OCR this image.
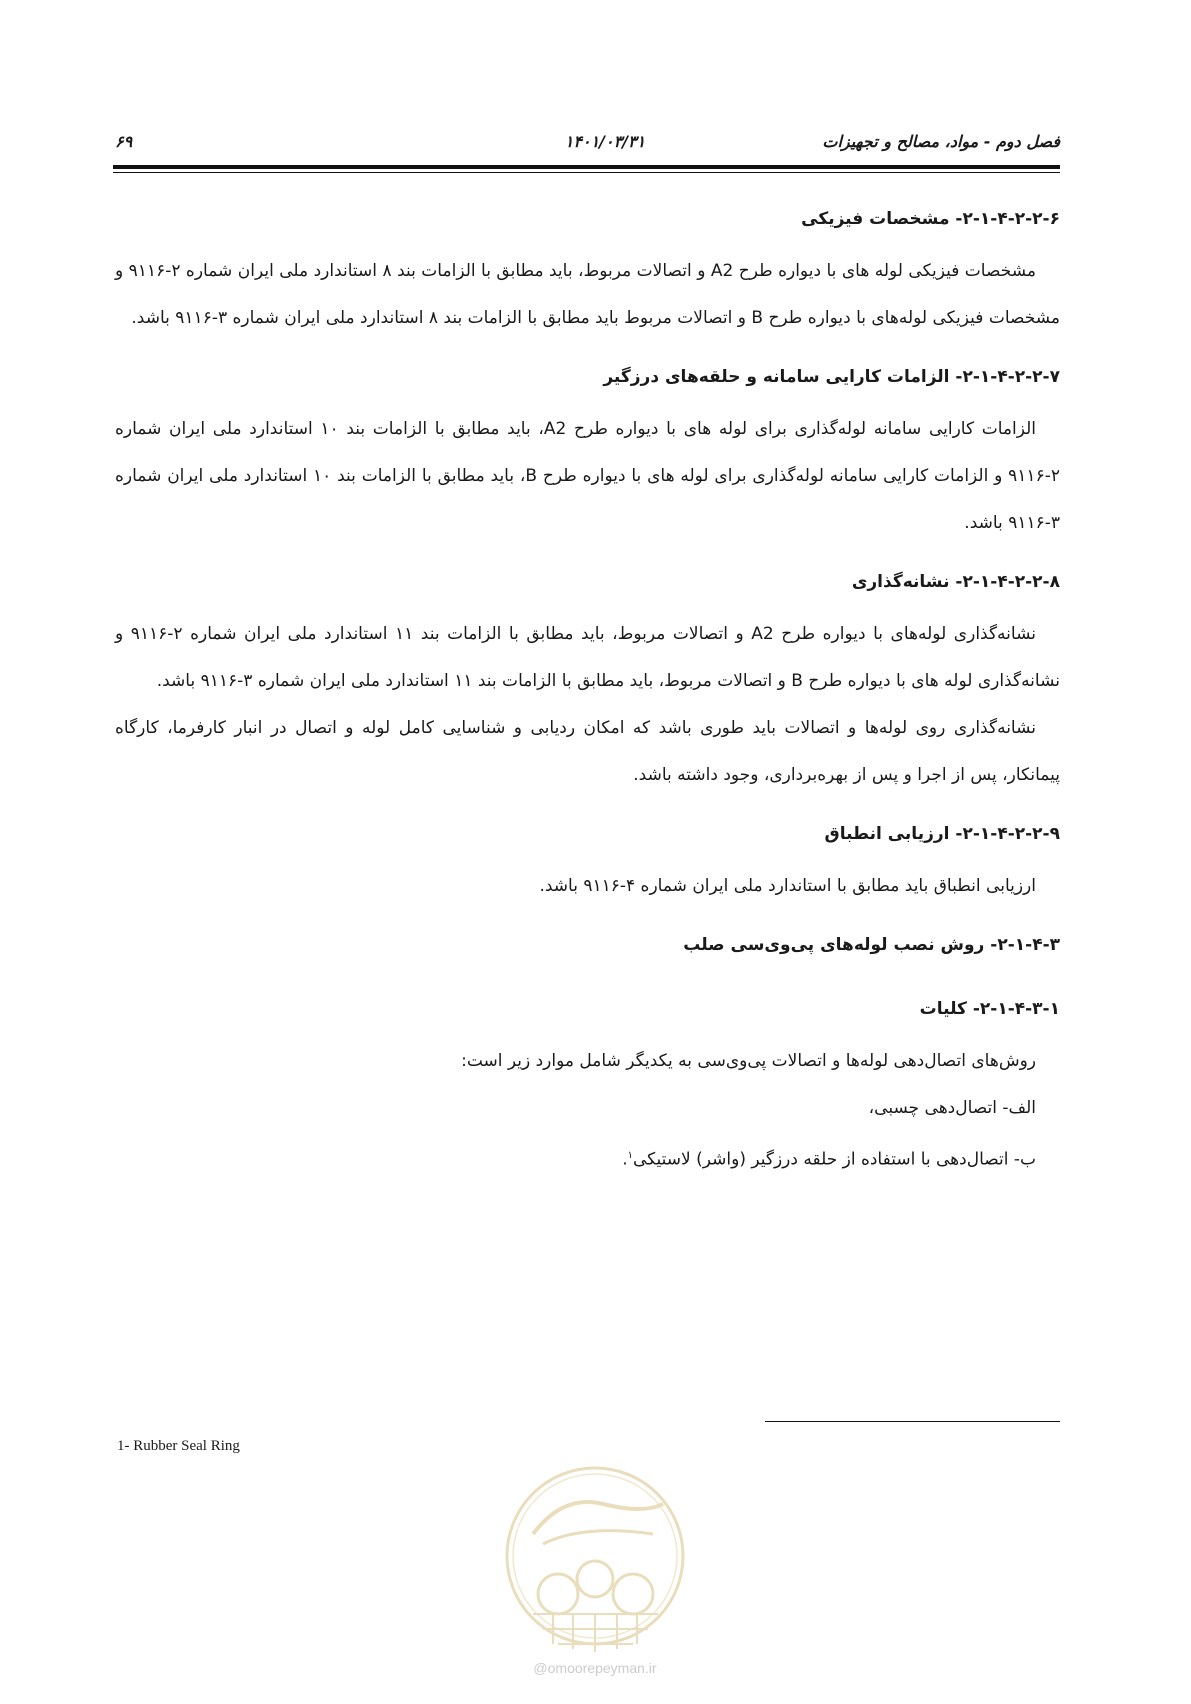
فصل دوم - مواد، مصالح و تجهیزات
۱۴۰۱/۰۳/۳۱
۶۹

۲-۱-۴-۲-۲-۶- مشخصات فیزیکی

مشخصات فیزیکی لوله های با دیواره طرح A2 و اتصالات مربوط، باید مطابق با الزامات بند ۸ استاندارد ملی ایران شماره ۲-۹۱۱۶ و مشخصات فیزیکی لوله‌های با دیواره طرح B و اتصالات مربوط باید مطابق با الزامات بند ۸ استاندارد ملی ایران شماره ۳-۹۱۱۶ باشد.

۲-۱-۴-۲-۲-۷- الزامات کارایی سامانه و حلقه‌های درزگیر

الزامات کارایی سامانه لوله‌گذاری برای لوله های با دیواره طرح A2، باید مطابق با الزامات بند ۱۰ استاندارد ملی ایران شماره ۲-۹۱۱۶ و الزامات کارایی سامانه لوله‌گذاری برای لوله های با دیواره طرح B، باید مطابق با الزامات بند ۱۰ استاندارد ملی ایران شماره ۳-۹۱۱۶ باشد.

۲-۱-۴-۲-۲-۸- نشانه‌گذاری

نشانه‌گذاری لوله‌های با دیواره طرح A2 و اتصالات مربوط، باید مطابق با الزامات بند ۱۱ استاندارد ملی ایران شماره ۲-۹۱۱۶ و نشانه‌گذاری لوله های با دیواره طرح B و اتصالات مربوط، باید مطابق با الزامات بند ۱۱ استاندارد ملی ایران شماره ۳-۹۱۱۶ باشد.

نشانه‌گذاری روی لوله‌ها و اتصالات باید طوری باشد که امکان ردیابی و شناسایی کامل لوله و اتصال در انبار کارفرما، کارگاه پیمانکار، پس از اجرا و پس از بهره‌برداری، وجود داشته باشد.

۲-۱-۴-۲-۲-۹- ارزیابی انطباق

ارزیابی انطباق باید مطابق با استاندارد ملی ایران شماره ۴-۹۱۱۶ باشد.

۲-۱-۴-۳- روش نصب لوله‌های پی‌وی‌سی صلب

۲-۱-۴-۳-۱- کلیات

روش‌های اتصال‌دهی لوله‌ها و اتصالات پی‌وی‌سی به یکدیگر شامل موارد زیر است:

الف- اتصال‌دهی چسبی،

ب- اتصال‌دهی با استفاده از حلقه درزگیر (واشر) لاستیکی$^۱$.

1- Rubber Seal Ring
@omoorepeyman.ir
